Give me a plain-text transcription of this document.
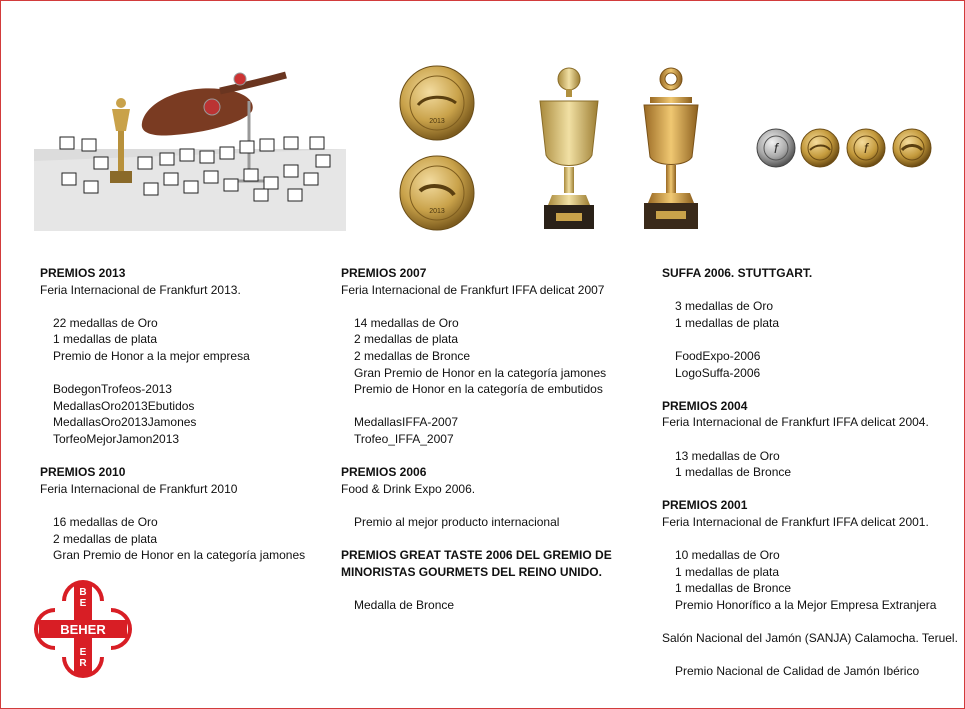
2013
2013
f	f
PREMIOS 2013
Feria Internacional de Frankfurt 2013.
22 medallas de Oro
1 medallas de plata
Premio de Honor a la mejor empresa
BodegonTrofeos-2013
MedallasOro2013Ebutidos
MedallasOro2013Jamones
TorfeoMejorJamon2013
PREMIOS 2010
Feria Internacional de Frankfurt 2010
16 medallas de Oro
2 medallas de plata
Gran Premio de Honor en la categoría jamones
PREMIOS 2007
Feria Internacional de Frankfurt IFFA delicat 2007
14 medallas de Oro
2 medallas de plata
2 medallas de Bronce
Gran Premio de Honor en la categoría jamones
Premio de Honor en la categoría de embutidos
MedallasIFFA-2007
Trofeo_IFFA_2007
PREMIOS 2006
Food & Drink Expo 2006.
Premio al mejor producto internacional
PREMIOS GREAT TASTE 2006 DEL GREMIO DE
MINORISTAS GOURMETS DEL REINO UNIDO.
Medalla de Bronce
SUFFA 2006. STUTTGART.
3 medallas de Oro
1 medallas de plata
FoodExpo-2006
LogoSuffa-2006
PREMIOS 2004
Feria Internacional de Frankfurt IFFA delicat 2004.
13 medallas de Oro
1 medallas de Bronce
PREMIOS 2001
Feria Internacional de Frankfurt IFFA delicat 2001.
10 medallas de Oro
1 medallas de plata
1 medallas de Bronce
Premio Honorífico a la Mejor Empresa Extranjera
Salón Nacional del Jamón (SANJA) Calamocha. Teruel.
Premio Nacional de Calidad de Jamón Ibérico
BEHER
B
E
E
R
